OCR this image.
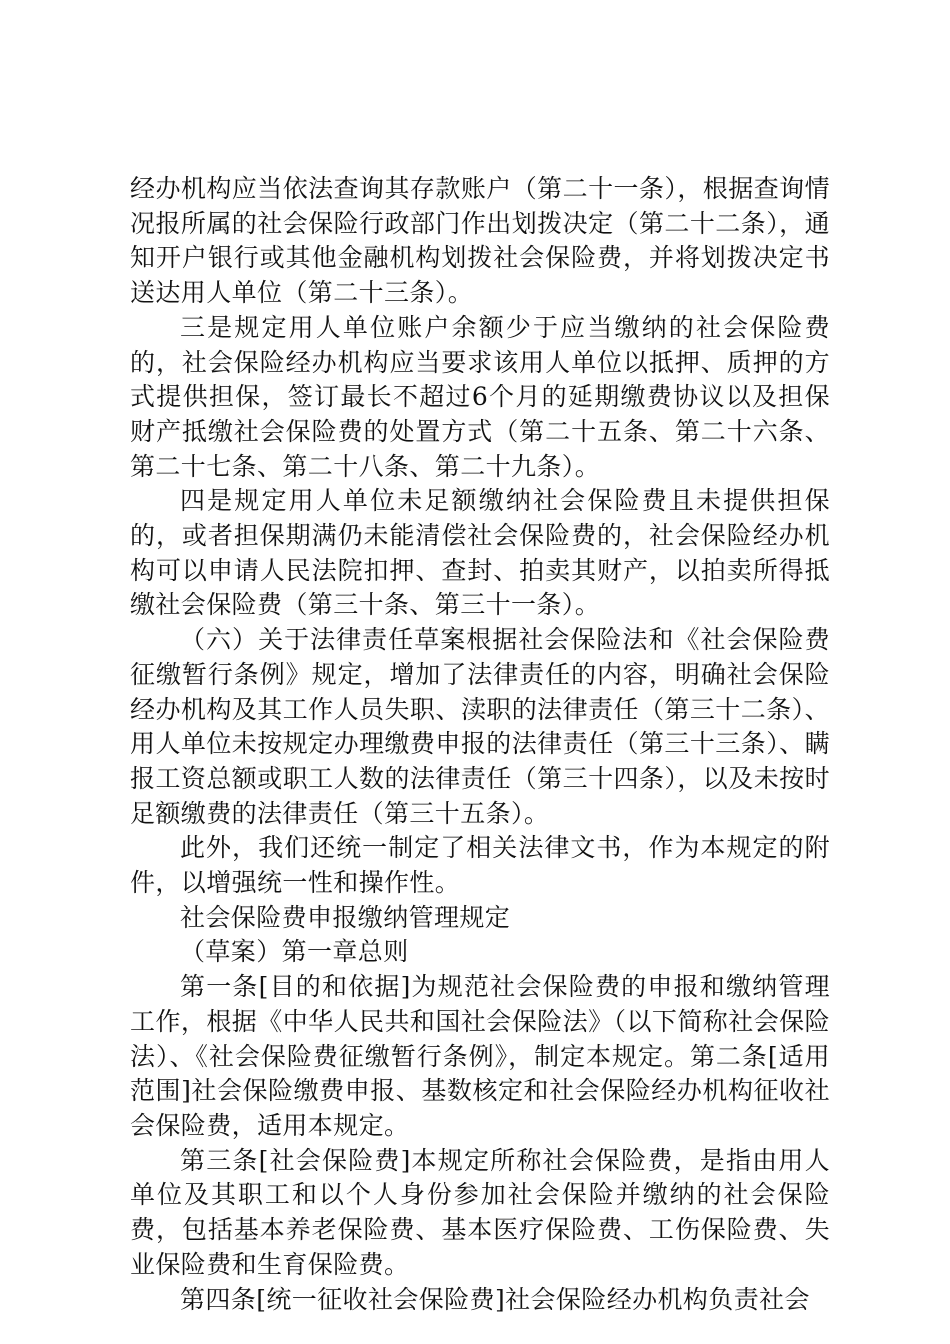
经办机构应当依法查询其存款账户（第二十一条），根据查询情况报所属的社会保险行政部门作出划拨决定（第二十二条），通知开户银行或其他金融机构划拨社会保险费，并将划拨决定书送达用人单位（第二十三条）。

三是规定用人单位账户余额少于应当缴纳的社会保险费的，社会保险经办机构应当要求该用人单位以抵押、质押的方式提供担保，签订最长不超过6个月的延期缴费协议以及担保财产抵缴社会保险费的处置方式（第二十五条、第二十六条、第二十七条、第二十八条、第二十九条）。

四是规定用人单位未足额缴纳社会保险费且未提供担保的，或者担保期满仍未能清偿社会保险费的，社会保险经办机构可以申请人民法院扣押、查封、拍卖其财产，以拍卖所得抵缴社会保险费（第三十条、第三十一条）。

（六）关于法律责任草案根据社会保险法和《社会保险费征缴暂行条例》规定，增加了法律责任的内容，明确社会保险经办机构及其工作人员失职、渎职的法律责任（第三十二条）、用人单位未按规定办理缴费申报的法律责任（第三十三条）、瞒报工资总额或职工人数的法律责任（第三十四条），以及未按时足额缴费的法律责任（第三十五条）。

此外，我们还统一制定了相关法律文书，作为本规定的附件，以增强统一性和操作性。

社会保险费申报缴纳管理规定

（草案）第一章总则

第一条[目的和依据]为规范社会保险费的申报和缴纳管理工作，根据《中华人民共和国社会保险法》（以下简称社会保险法）、《社会保险费征缴暂行条例》，制定本规定。第二条[适用范围]社会保险缴费申报、基数核定和社会保险经办机构征收社会保险费，适用本规定。

第三条[社会保险费]本规定所称社会保险费，是指由用人单位及其职工和以个人身份参加社会保险并缴纳的社会保险费，包括基本养老保险费、基本医疗保险费、工伤保险费、失业保险费和生育保险费。

第四条[统一征收社会保险费]社会保险经办机构负责社会
